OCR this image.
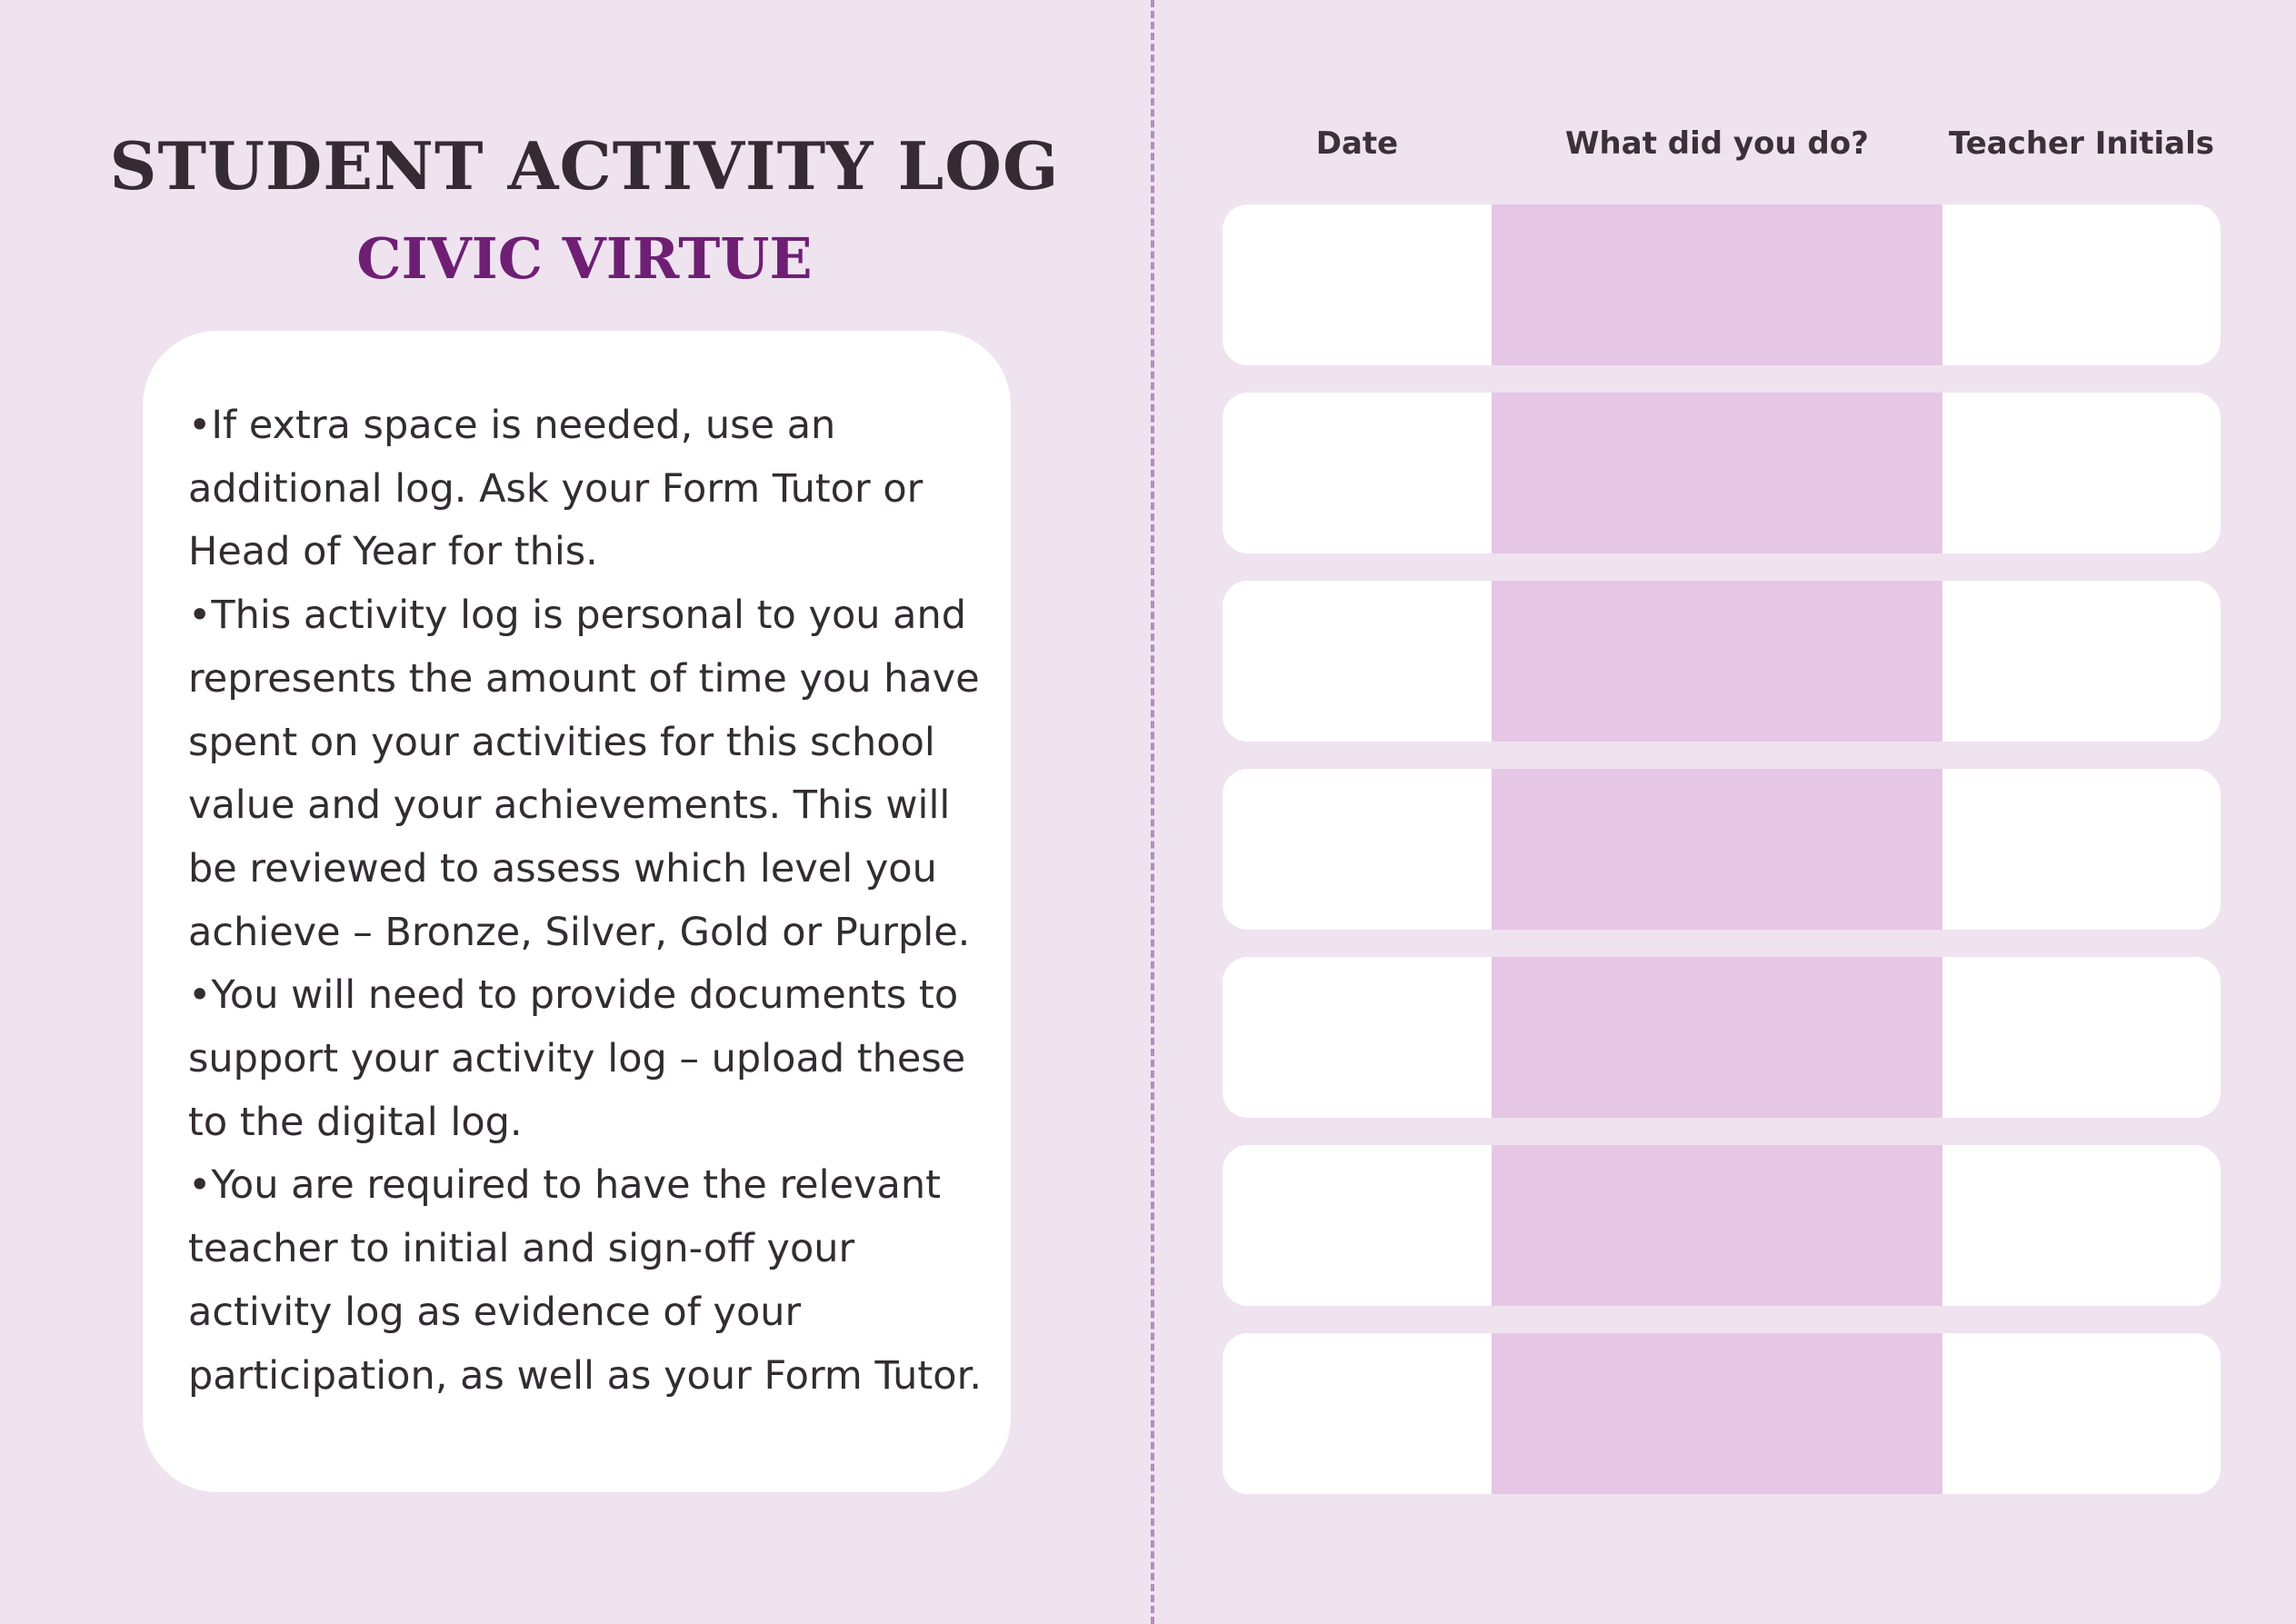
STUDENT ACTIVITY LOG
CIVIC VIRTUE

•If extra space is needed, use an additional log. Ask your Form Tutor or Head of Year for this.

•This activity log is personal to you and represents the amount of time you have spent on your activities for this school value and your achievements. This will be reviewed to assess which level you achieve – Bronze, Silver, Gold or Purple.

•You will need to provide documents to support your activity log – upload these to the digital log.

•You are required to have the relevant teacher to initial and sign-off your activity log as evidence of your participation, as well as your Form Tutor.

Date	What did you do?	Teacher Initials
